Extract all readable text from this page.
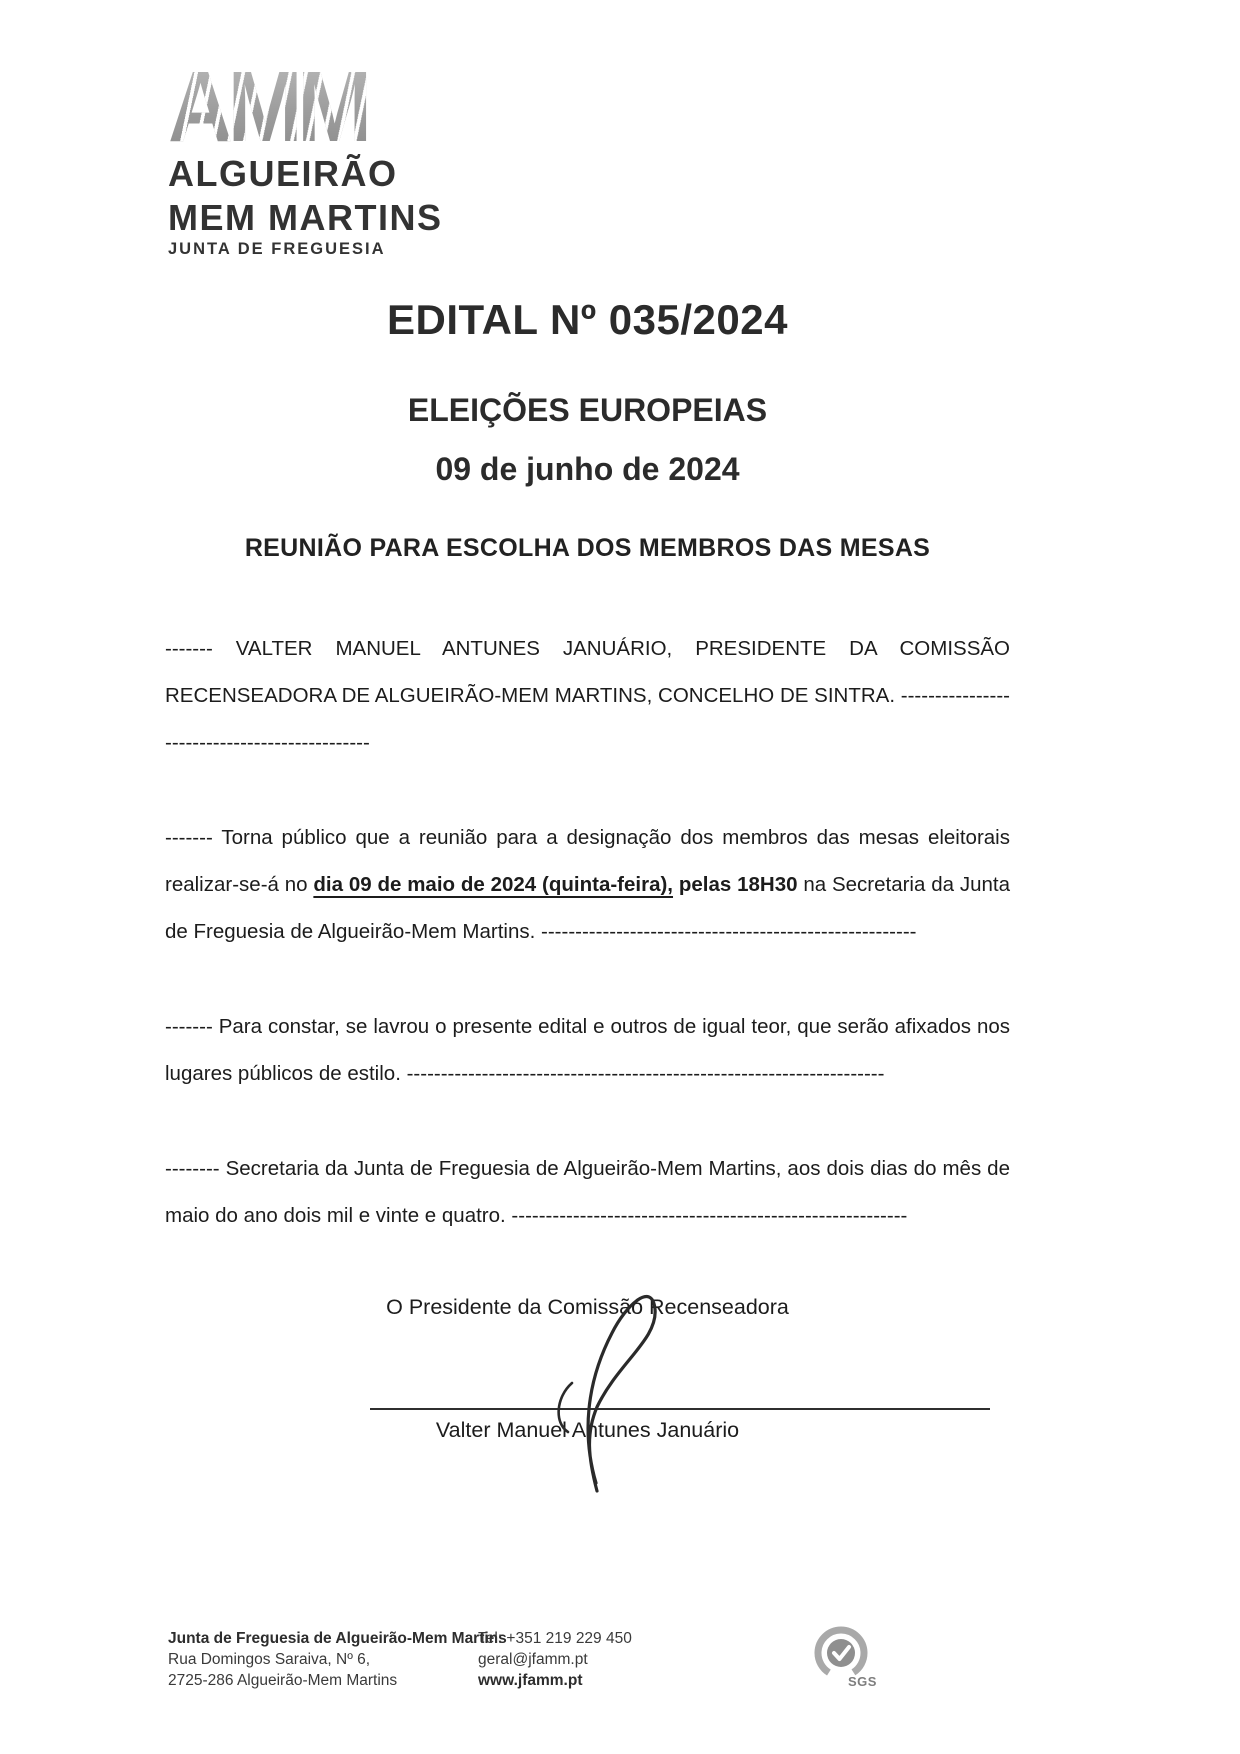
AMM
ALGUEIRÃO
MEM MARTINS
JUNTA DE FREGUESIA
EDITAL Nº 035/2024
ELEIÇÕES EUROPEIAS
09 de junho de 2024
REUNIÃO PARA ESCOLHA DOS MEMBROS DAS MESAS

------- VALTER MANUEL ANTUNES JANUÁRIO, PRESIDENTE DA COMISSÃO RECENSEADORA DE ALGUEIRÃO-MEM MARTINS, CONCELHO DE SINTRA. ----------------------------------------------

------- Torna público que a reunião para a designação dos membros das mesas eleitorais realizar-se-á no dia 09 de maio de 2024 (quinta-feira), pelas 18H30 na Secretaria da Junta de Freguesia de Algueirão-Mem Martins. -------------------------------------------------------

------- Para constar, se lavrou o presente edital e outros de igual teor, que serão afixados nos lugares públicos de estilo. ----------------------------------------------------------------------

-------- Secretaria da Junta de Freguesia de Algueirão-Mem Martins, aos dois dias do mês de maio do ano dois mil e vinte e quatro. ----------------------------------------------------------

O Presidente da Comissão Recenseadora
Valter Manuel Antunes Januário
Junta de Freguesia de Algueirão-Mem Martins
Rua Domingos Saraiva, Nº 6,
2725-286 Algueirão-Mem Martins
Tel: +351 219 229 450
geral@jfamm.pt
www.jfamm.pt	SGS
